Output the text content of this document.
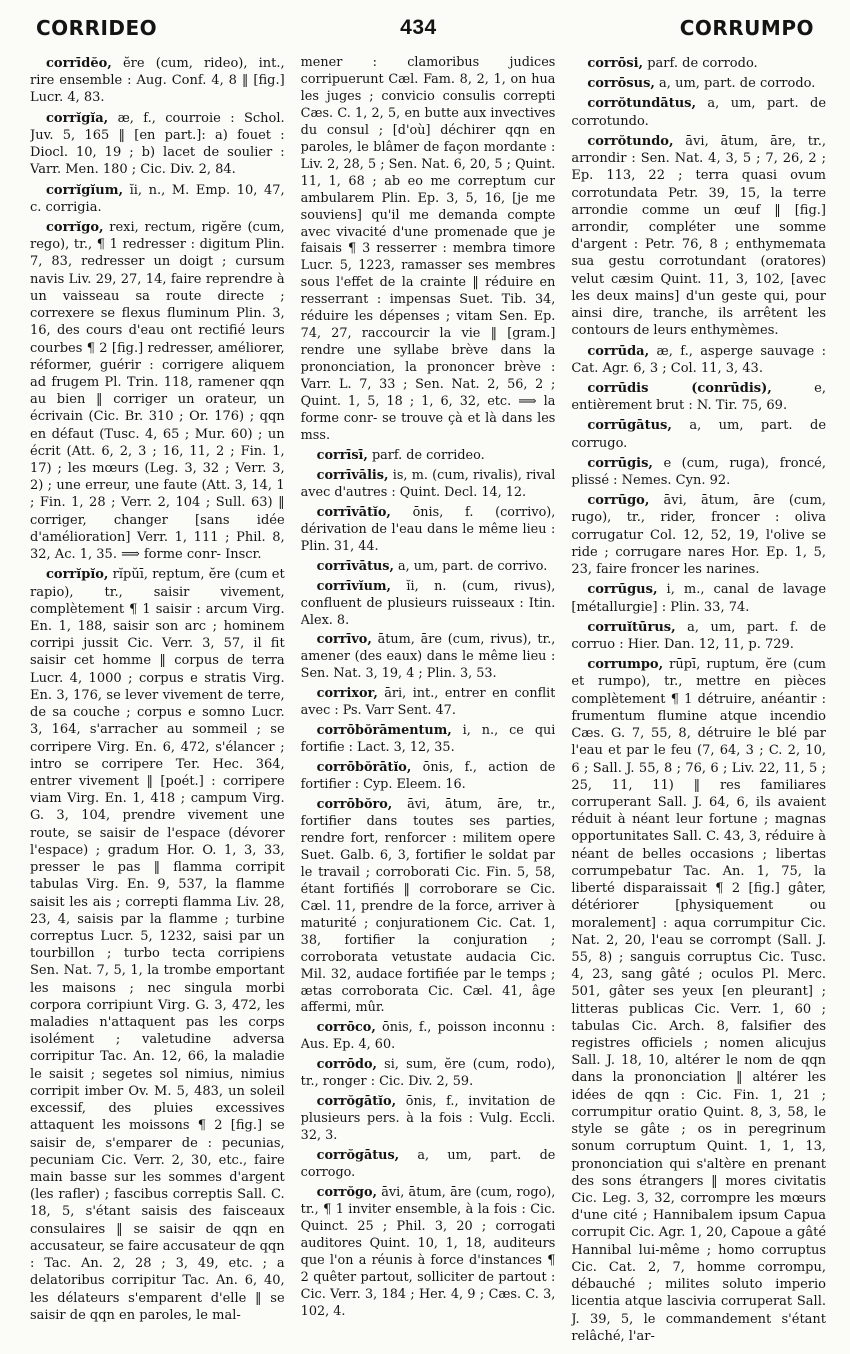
CORRIDEO	434	CORRUMPO

corrīdĕo, ĕre (cum, rideo), int., rire ensemble : Aug. Conf. 4, 8 ‖ [fig.] Lucr. 4, 83.

corrĭgĭa, æ, f., courroie : Schol. Juv. 5, 165 ‖ [en part.]: a) fouet : Diocl. 10, 19 ; b) lacet de soulier : Varr. Men. 180 ; Cic. Div. 2, 84.

corrĭgĭum, ĭi, n., M. Emp. 10, 47, c. corrigia.

corrĭgo, rexi, rectum, rigĕre (cum, rego), tr., ¶ 1 redresser : digitum Plin. 7, 83, redresser un doigt ; cursum navis Liv. 29, 27, 14, faire reprendre à un vaisseau sa route directe ; correxere se flexus fluminum Plin. 3, 16, des cours d'eau ont rectifié leurs courbes ¶ 2 [fig.] redresser, améliorer, réformer, guérir : corrigere aliquem ad frugem Pl. Trin. 118, ramener qqn au bien ‖ corriger un orateur, un écrivain (Cic. Br. 310 ; Or. 176) ; qqn en défaut (Tusc. 4, 65 ; Mur. 60) ; un écrit (Att. 6, 2, 3 ; 16, 11, 2 ; Fin. 1, 17) ; les mœurs (Leg. 3, 32 ; Verr. 3, 2) ; une erreur, une faute (Att. 3, 14, 1 ; Fin. 1, 28 ; Verr. 2, 104 ; Sull. 63) ‖ corriger, changer [sans idée d'amélioration] Verr. 1, 111 ; Phil. 8, 32, Ac. 1, 35. ⟹ forme conr- Inscr.

corrĭpĭo, rĭpŭī, reptum, ĕre (cum et rapio), tr., saisir vivement, complètement ¶ 1 saisir : arcum Virg. En. 1, 188, saisir son arc ; hominem corripi jussit Cic. Verr. 3, 57, il fit saisir cet homme ‖ corpus de terra Lucr. 4, 1000 ; corpus e stratis Virg. En. 3, 176, se lever vivement de terre, de sa couche ; corpus e somno Lucr. 3, 164, s'arracher au sommeil ; se corripere Virg. En. 6, 472, s'élancer ; intro se corripere Ter. Hec. 364, entrer vivement ‖ [poét.] : corripere viam Virg. En. 1, 418 ; campum Virg. G. 3, 104, prendre vivement une route, se saisir de l'espace (dévorer l'espace) ; gradum Hor. O. 1, 3, 33, presser le pas ‖ flamma corripit tabulas Virg. En. 9, 537, la flamme saisit les ais ; correpti flamma Liv. 28, 23, 4, saisis par la flamme ; turbine correptus Lucr. 5, 1232, saisi par un tourbillon ; turbo tecta corripiens Sen. Nat. 7, 5, 1, la trombe emportant les maisons ; nec singula morbi corpora corripiunt Virg. G. 3, 472, les maladies n'attaquent pas les corps isolément ; valetudine adversa corripitur Tac. An. 12, 66, la maladie le saisit ; segetes sol nimius, nimius corripit imber Ov. M. 5, 483, un soleil excessif, des pluies excessives attaquent les moissons ¶ 2 [fig.] se saisir de, s'emparer de : pecunias, pecuniam Cic. Verr. 2, 30, etc., faire main basse sur les sommes d'argent (les rafler) ; fascibus correptis Sall. C. 18, 5, s'étant saisis des faisceaux consulaires ‖ se saisir de qqn en accusateur, se faire accusateur de qqn : Tac. An. 2, 28 ; 3, 49, etc. ; a delatoribus corripitur Tac. An. 6, 40, les délateurs s'emparent d'elle ‖ se saisir de qqn en paroles, le mal-

mener : clamoribus judices corripuerunt Cæl. Fam. 8, 2, 1, on hua les juges ; convicio consulis correpti Cæs. C. 1, 2, 5, en butte aux invectives du consul ; [d'où] déchirer qqn en paroles, le blâmer de façon mordante : Liv. 2, 28, 5 ; Sen. Nat. 6, 20, 5 ; Quint. 11, 1, 68 ; ab eo me correptum cur ambularem Plin. Ep. 3, 5, 16, [je me souviens] qu'il me demanda compte avec vivacité d'une promenade que je faisais ¶ 3 resserrer : membra timore Lucr. 5, 1223, ramasser ses membres sous l'effet de la crainte ‖ réduire en resserrant : impensas Suet. Tib. 34, réduire les dépenses ; vitam Sen. Ep. 74, 27, raccourcir la vie ‖ [gram.] rendre une syllabe brève dans la prononciation, la prononcer brève : Varr. L. 7, 33 ; Sen. Nat. 2, 56, 2 ; Quint. 1, 5, 18 ; 1, 6, 32, etc. ⟹ la forme conr- se trouve çà et là dans les mss.

corrīsī, parf. de corrideo.

corrīvālis, is, m. (cum, rivalis), rival avec d'autres : Quint. Decl. 14, 12.

corrīvātĭo, ōnis, f. (corrivo), dérivation de l'eau dans le même lieu : Plin. 31, 44.

corrīvātus, a, um, part. de corrivo.

corrīvĭum, ĭi, n. (cum, rivus), confluent de plusieurs ruisseaux : Itin. Alex. 8.

corrīvo, ātum, āre (cum, rivus), tr., amener (des eaux) dans le même lieu : Sen. Nat. 3, 19, 4 ; Plin. 3, 53.

corrixor, āri, int., entrer en conflit avec : Ps. Varr Sent. 47.

corrōbŏrāmentum, i, n., ce qui fortifie : Lact. 3, 12, 35.

corrōbŏrātĭo, ōnis, f., action de fortifier : Cyp. Eleem. 16.

corrōbŏro, āvi, ātum, āre, tr., fortifier dans toutes ses parties, rendre fort, renforcer : militem opere Suet. Galb. 6, 3, fortifier le soldat par le travail ; corroborati Cic. Fin. 5, 58, étant fortifiés ‖ corroborare se Cic. Cæl. 11, prendre de la force, arriver à maturité ; conjurationem Cic. Cat. 1, 38, fortifier la conjuration ; corroborata vetustate audacia Cic. Mil. 32, audace fortifiée par le temps ; ætas corroborata Cic. Cæl. 41, âge affermi, mûr.

corrōco, ōnis, f., poisson inconnu : Aus. Ep. 4, 60.

corrōdo, si, sum, ĕre (cum, rodo), tr., ronger : Cic. Div. 2, 59.

corrŏgātĭo, ōnis, f., invitation de plusieurs pers. à la fois : Vulg. Eccli. 32, 3.

corrŏgātus, a, um, part. de corrogo.

corrŏgo, āvi, ātum, āre (cum, rogo), tr., ¶ 1 inviter ensemble, à la fois : Cic. Quinct. 25 ; Phil. 3, 20 ; corrogati auditores Quint. 10, 1, 18, auditeurs que l'on a réunis à force d'instances ¶ 2 quêter partout, solliciter de partout : Cic. Verr. 3, 184 ; Her. 4, 9 ; Cæs. C. 3, 102, 4.

corrōsi, parf. de corrodo.

corrōsus, a, um, part. de corrodo.

corrŏtundātus, a, um, part. de corrotundo.

corrŏtundo, āvi, ātum, āre, tr., arrondir : Sen. Nat. 4, 3, 5 ; 7, 26, 2 ; Ep. 113, 22 ; terra quasi ovum corrotundata Petr. 39, 15, la terre arrondie comme un œuf ‖ [fig.] arrondir, compléter une somme d'argent : Petr. 76, 8 ; enthymemata sua gestu corrotundant (oratores) velut cæsim Quint. 11, 3, 102, [avec les deux mains] d'un geste qui, pour ainsi dire, tranche, ils arrêtent les contours de leurs enthymèmes.

corrūda, æ, f., asperge sauvage : Cat. Agr. 6, 3 ; Col. 11, 3, 43.

corrūdis (conrūdis), e, entièrement brut : N. Tir. 75, 69.

corrūgātus, a, um, part. de corrugo.

corrūgis, e (cum, ruga), froncé, plissé : Nemes. Cyn. 92.

corrūgo, āvi, ātum, āre (cum, rugo), tr., rider, froncer : oliva corrugatur Col. 12, 52, 19, l'olive se ride ; corrugare nares Hor. Ep. 1, 5, 23, faire froncer les narines.

corrūgus, i, m., canal de lavage [métallurgie] : Plin. 33, 74.

corruĭtūrus, a, um, part. f. de corruo : Hier. Dan. 12, 11, p. 729.

corrumpo, rūpī, ruptum, ĕre (cum et rumpo), tr., mettre en pièces complètement ¶ 1 détruire, anéantir : frumentum flumine atque incendio Cæs. G. 7, 55, 8, détruire le blé par l'eau et par le feu (7, 64, 3 ; C. 2, 10, 6 ; Sall. J. 55, 8 ; 76, 6 ; Liv. 22, 11, 5 ; 25, 11, 11) ‖ res familiares corruperant Sall. J. 64, 6, ils avaient réduit à néant leur fortune ; magnas opportunitates Sall. C. 43, 3, réduire à néant de belles occasions ; libertas corrumpebatur Tac. An. 1, 75, la liberté disparaissait ¶ 2 [fig.] gâter, détériorer [physiquement ou moralement] : aqua corrumpitur Cic. Nat. 2, 20, l'eau se corrompt (Sall. J. 55, 8) ; sanguis corruptus Cic. Tusc. 4, 23, sang gâté ; oculos Pl. Merc. 501, gâter ses yeux [en pleurant] ; litteras publicas Cic. Verr. 1, 60 ; tabulas Cic. Arch. 8, falsifier des registres officiels ; nomen alicujus Sall. J. 18, 10, altérer le nom de qqn dans la prononciation ‖ altérer les idées de qqn : Cic. Fin. 1, 21 ; corrumpitur oratio Quint. 8, 3, 58, le style se gâte ; os in peregrinum sonum corruptum Quint. 1, 1, 13, prononciation qui s'altère en prenant des sons étrangers ‖ mores civitatis Cic. Leg. 3, 32, corrompre les mœurs d'une cité ; Hannibalem ipsum Capua corrupit Cic. Agr. 1, 20, Capoue a gâté Hannibal lui-même ; homo corruptus Cic. Cat. 2, 7, homme corrompu, débauché ; milites soluto imperio licentia atque lascivia corruperat Sall. J. 39, 5, le commandement s'étant relâché, l'ar-
